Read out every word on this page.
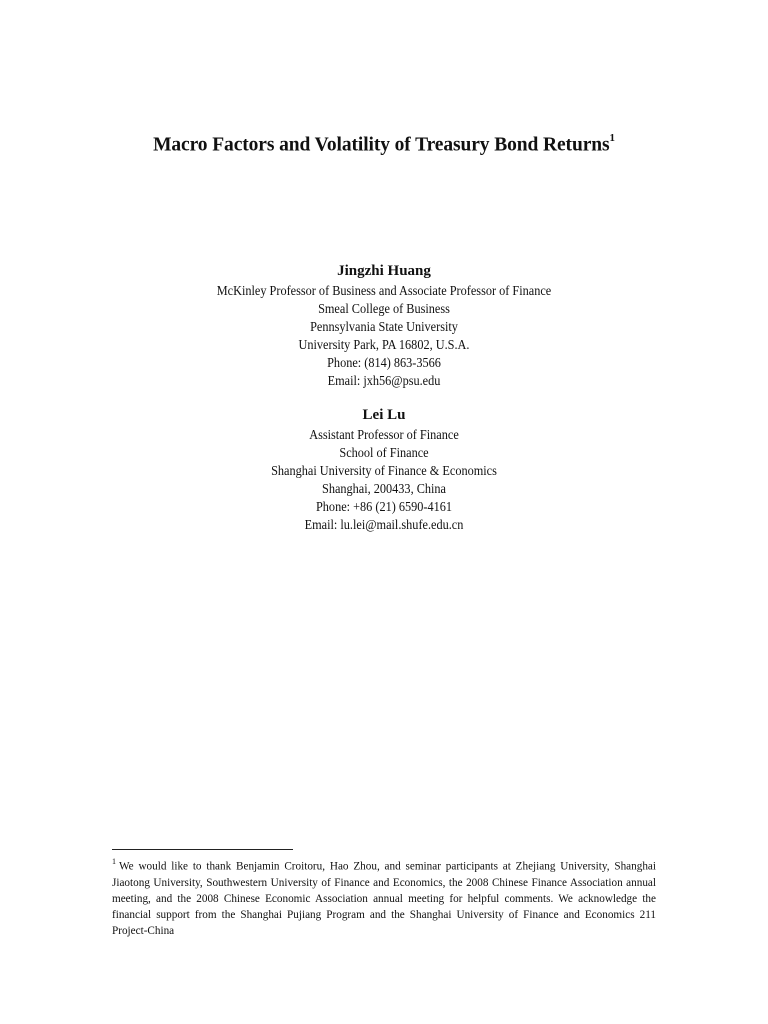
Macro Factors and Volatility of Treasury Bond Returns$^1$

Jingzhi Huang

McKinley Professor of Business and Associate Professor of Finance

Smeal College of Business

Pennsylvania State University

University Park, PA 16802, U.S.A.

Phone: (814) 863-3566

Email: jxh56@psu.edu

Lei Lu

Assistant Professor of Finance

School of Finance

Shanghai University of Finance & Economics

Shanghai, 200433, China

Phone: +86 (21) 6590-4161

Email: lu.lei@mail.shufe.edu.cn

$^1$ We would like to thank Benjamin Croitoru, Hao Zhou, and seminar participants at Zhejiang University, Shanghai Jiaotong University, Southwestern University of Finance and Economics, the 2008 Chinese Finance Association annual meeting, and the 2008 Chinese Economic Association annual meeting for helpful comments. We acknowledge the financial support from the Shanghai Pujiang Program and the Shanghai University of Finance and Economics 211 Project-China
